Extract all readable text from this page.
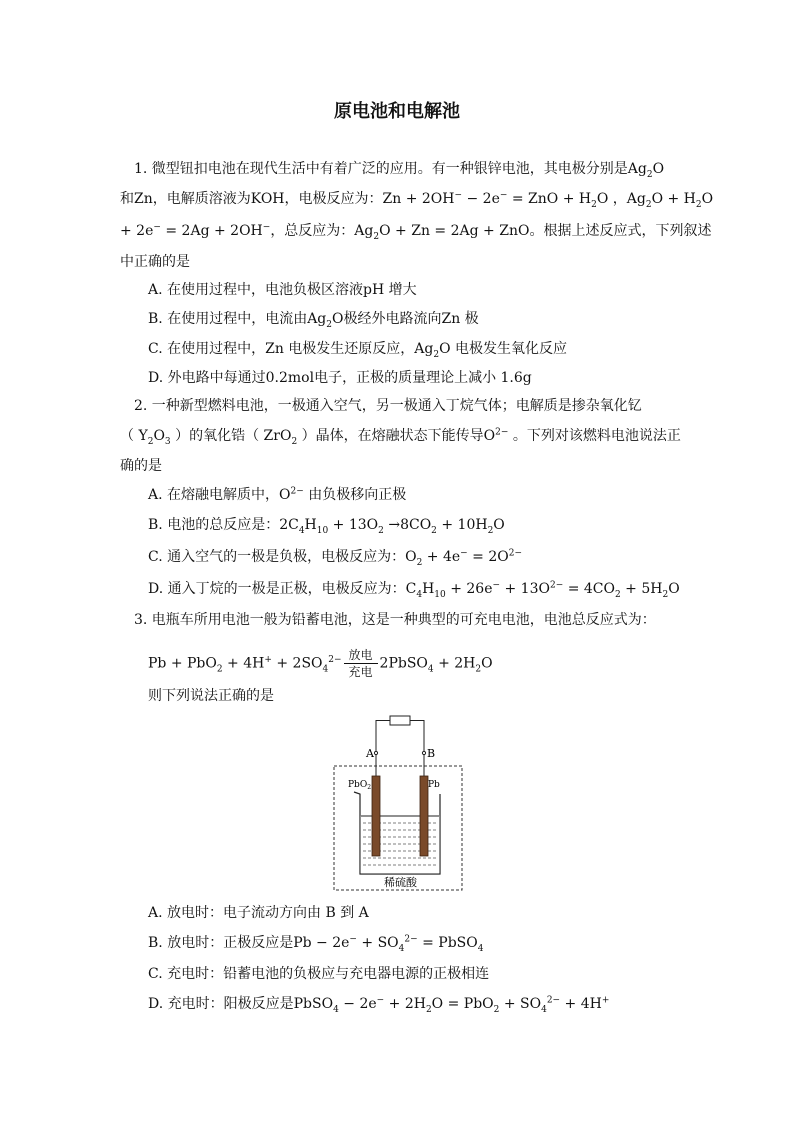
原电池和电解池
1. 微型钮扣电池在现代生活中有着广泛的应用。有一种银锌电池，其电极分别是$Ag_2O$
和Zn，电解质溶液为KOH，电极反应为：Zn + 2OH− − 2e− = ZnO + $H_2O$ ，$Ag_2O + H_2O$
+ 2e− = 2Ag + 2OH−，总反应为：$Ag_2O + Zn = 2Ag$ + ZnO。根据上述反应式，下列叙述
中正确的是
A. 在使用过程中，电池负极区溶液pH 增大
B. 在使用过程中，电流由$Ag_2O$极经外电路流向Zn 极
C. 在使用过程中，Zn 电极发生还原反应，$Ag_2O$ 电极发生氧化反应
D. 外电路中每通过0.2mol电子，正极的质量理论上减小 1.6g
2. 一种新型燃料电池，一极通入空气，另一极通入丁烷气体；电解质是掺杂氧化钇
（ $Y_2O_3$ ）的氧化锆（ ZrO$_2$ ）晶体，在熔融状态下能传导$O^{2-}$ 。下列对该燃料电池说法正
确的是
A. 在熔融电解质中，$O^{2-}$ 由负极移向正极
B. 电池的总反应是：$2C_4H_{10} + 13O_2 \to 8CO_2 + 10H_2O$
C. 通入空气的一极是负极，电极反应为：$O_2 + 4e^- = 2O^{2-}$
D. 通入丁烷的一极是正极，电极反应为：$C_4H_{10} + 26e^- + 13O^{2-} = 4CO_2 + 5H_2O$
3. 电瓶车所用电池一般为铅蓄电池，这是一种典型的可充电电池，电池总反应式为：
$Pb + PbO_2 + 4H^+ + 2SO_4^{2-}$ 放电
充电2PbSO$_4$ + $2H_2O$
则下列说法正确的是
A	B
PbO$_2$	Pb
稀硫酸
A. 放电时：电子流动方向由 B 到 A
B. 放电时：正极反应是$Pb - 2e^- + SO_4^{2-}$ = PbSO$_4$
C. 充电时：铅蓄电池的负极应与充电器电源的正极相连
D. 充电时：阳极反应是PbSO$_4$ − $2e^- + 2H_2O = PbO_2 + SO_4^{2-} + 4H^+$
